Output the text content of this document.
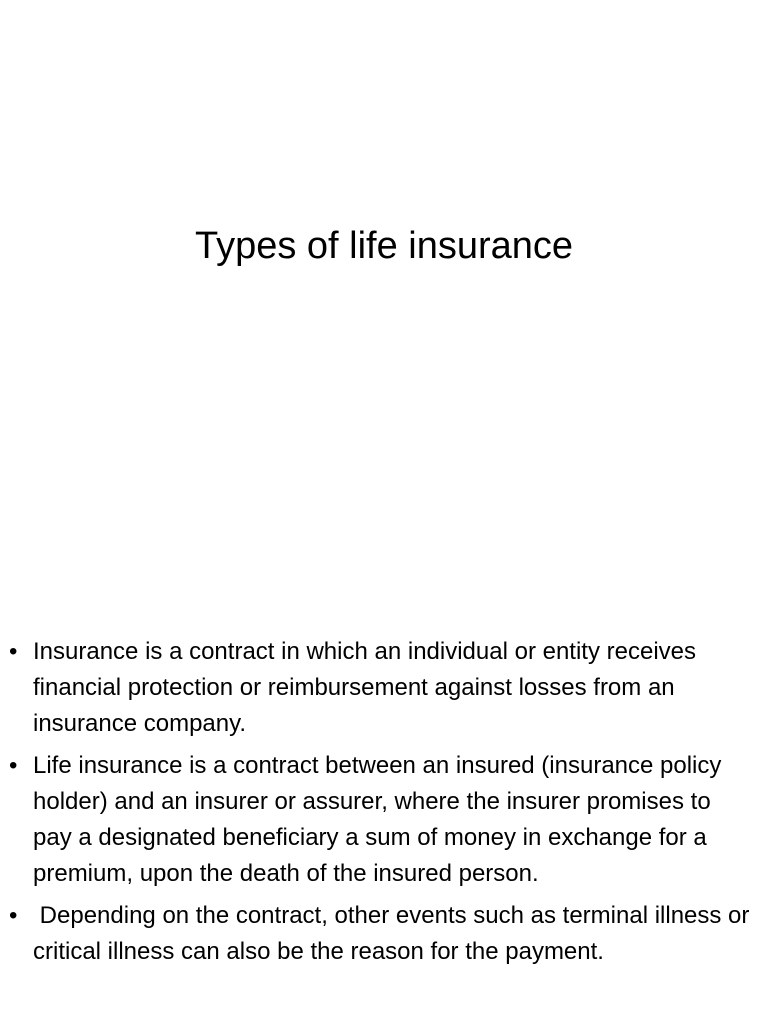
Types of life insurance
• Insurance is a contract in which an individual or entity receives financial protection or reimbursement against losses from an insurance company.
• Life insurance is a contract between an insured (insurance policy holder) and an insurer or assurer, where the insurer promises to pay a designated beneficiary a sum of money in exchange for a premium, upon the death of the insured person.
• Depending on the contract, other events such as terminal illness or critical illness can also be the reason for the payment.
